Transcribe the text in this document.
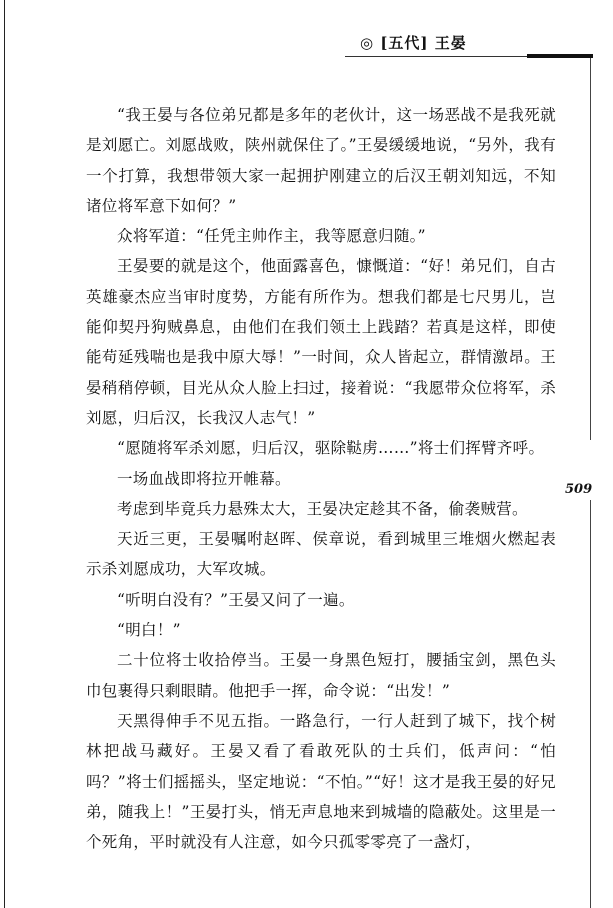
◎ [五代] 王晏
509

“我王晏与各位弟兄都是多年的老伙计，这一场恶战不是我死就是刘愿亡。刘愿战败，陕州就保住了。”王晏缓缓地说，“另外，我有一个打算，我想带领大家一起拥护刚建立的后汉王朝刘知远，不知诸位将军意下如何？”

众将军道：“任凭主帅作主，我等愿意归随。”

王晏要的就是这个，他面露喜色，慷慨道：“好！弟兄们，自古英雄豪杰应当审时度势，方能有所作为。想我们都是七尺男儿，岂能仰契丹狗贼鼻息，由他们在我们领土上践踏？若真是这样，即使能苟延残喘也是我中原大辱！”一时间，众人皆起立，群情激昂。王晏稍稍停顿，目光从众人脸上扫过，接着说：“我愿带众位将军，杀刘愿，归后汉，长我汉人志气！”

“愿随将军杀刘愿，归后汉，驱除鞑虏……”将士们挥臂齐呼。

一场血战即将拉开帷幕。

考虑到毕竟兵力悬殊太大，王晏决定趁其不备，偷袭贼营。

天近三更，王晏嘱咐赵晖、侯章说，看到城里三堆烟火燃起表示杀刘愿成功，大军攻城。

“听明白没有？”王晏又问了一遍。

“明白！”

二十位将士收拾停当。王晏一身黑色短打，腰插宝剑，黑色头巾包裹得只剩眼睛。他把手一挥，命令说：“出发！”

天黑得伸手不见五指。一路急行，一行人赶到了城下，找个树林把战马藏好。王晏又看了看敢死队的士兵们，低声问：“怕吗？”将士们摇摇头，坚定地说：“不怕。”“好！这才是我王晏的好兄弟，随我上！”王晏打头，悄无声息地来到城墙的隐蔽处。这里是一个死角，平时就没有人注意，如今只孤零零亮了一盏灯，
